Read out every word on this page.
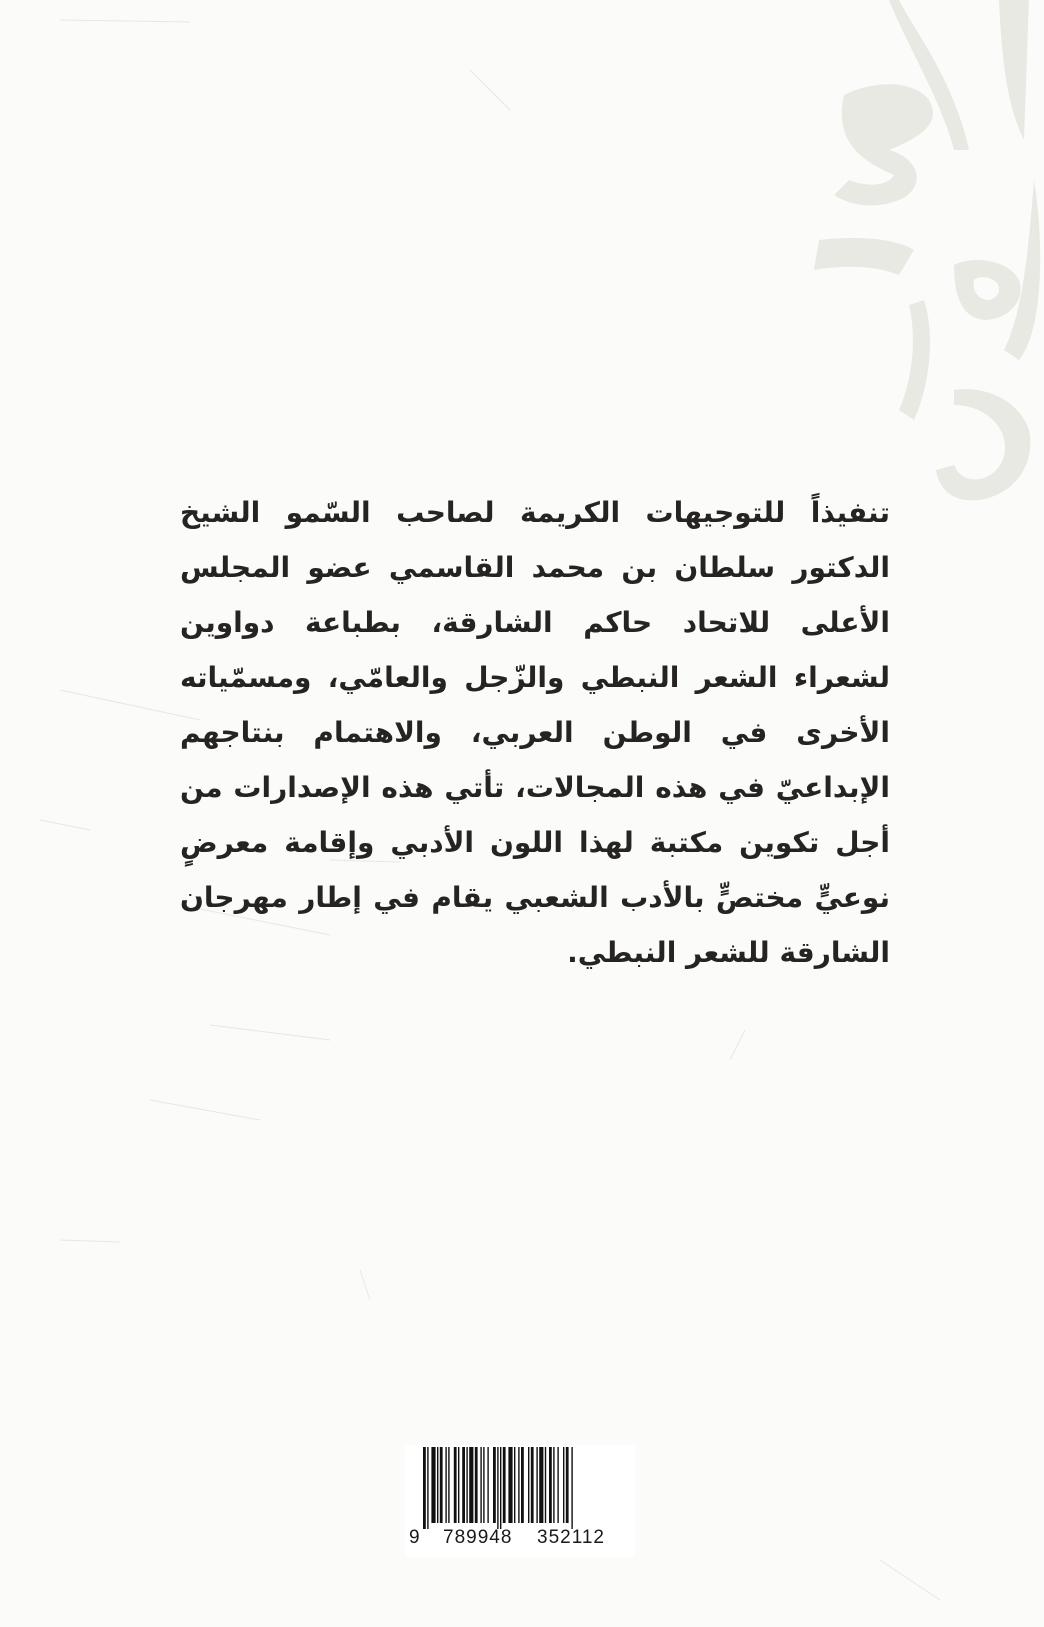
تنفيذاً للتوجيهات الكريمة لصاحب السّمو الشيخ الدكتور سلطان بن محمد القاسمي عضو المجلس الأعلى للاتحاد حاكم الشارقة، بطباعة دواوين لشعراء الشعر النبطي والزّجل والعامّي، ومسمّياته الأخرى في الوطن العربي، والاهتمام بنتاجهم الإبداعيّ في هذه المجالات، تأتي هذه الإصدارات من أجل تكوين مكتبة لهذا اللون الأدبي وإقامة معرضٍ نوعيٍّ مختصٍّ بالأدب الشعبي يقام في إطار مهرجان الشارقة للشعر النبطي.

9 789948 352112
